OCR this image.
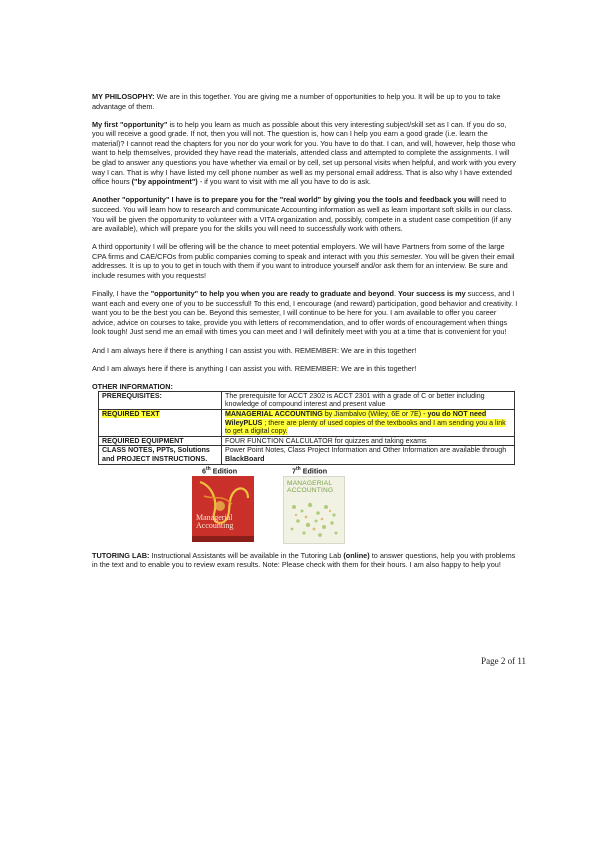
MY PHILOSOPHY: We are in this together. You are giving me a number of opportunities to help you. It will be up to you to take advantage of them.

My first "opportunity" is to help you learn as much as possible about this very interesting subject/skill set as I can. If you do so, you will receive a good grade. If not, then you will not. The question is, how can I help you earn a good grade (i.e. learn the material)? I cannot read the chapters for you nor do your work for you. You have to do that. I can, and will, however, help those who want to help themselves, provided they have read the materials, attended class and attempted to complete the assignments. I will be glad to answer any questions you have whether via email or by cell, set up personal visits when helpful, and work with you every way I can. That is why I have listed my cell phone number as well as my personal email address. That is also why I have extended office hours ("by appointment") - if you want to visit with me all you have to do is ask.

Another "opportunity" I have is to prepare you for the "real world" by giving you the tools and feedback you will need to succeed. You will learn how to research and communicate Accounting information as well as learn important soft skills in our class. You will be given the opportunity to volunteer with a VITA organization and, possibly, compete in a student case competition (if any are available), which will prepare you for the skills you will need to successfully work with others.

A third opportunity I will be offering will be the chance to meet potential employers. We will have Partners from some of the large CPA firms and CAE/CFOs from public companies coming to speak and interact with you this semester. You will be given their email addresses. It is up to you to get in touch with them if you want to introduce yourself and/or ask them for an interview. Be sure and include resumes with you requests!

Finally, I have the "opportunity" to help you when you are ready to graduate and beyond. Your success is my success, and I want each and every one of you to be successful! To this end, I encourage (and reward) participation, good behavior and creativity. I want you to be the best you can be. Beyond this semester, I will continue to be here for you. I am available to offer you career advice, advice on courses to take, provide you with letters of recommendation, and to offer words of encouragement when things look tough! Just send me an email with times you can meet and I will definitely meet with you at a time that is convenient for you!

And I am always here if there is anything I can assist you with. REMEMBER: We are in this together!

And I am always here if there is anything I can assist you with. REMEMBER: We are in this together!

OTHER INFORMATION:
PREREQUISITES:	The prerequisite for ACCT 2302 is ACCT 2301 with a grade of C or better including knowledge of compound interest and present value
REQUIRED TEXT	MANAGERIAL ACCOUNTING by Jiambalvo (Wiley, 6E or 7E) - you do NOT need WileyPLUS ; there are plenty of used copies of the textbooks and I am sending you a link to get a digital copy.
REQUIRED EQUIPMENT	FOUR FUNCTION CALCULATOR for quizzes and taking exams
CLASS NOTES, PPTs, Solutions and PROJECT INSTRUCTIONS.	Power Point Notes, Class Project Information and Other Information are available through BlackBoard
6th Edition	7th Edition
Managerial
Accounting
MANAGERIAL
ACCOUNTING

TUTORING LAB: Instructional Assistants will be available in the Tutoring Lab (online) to answer questions, help you with problems in the text and to enable you to review exam results. Note: Please check with them for their hours. I am also happy to help you!

Page 2 of 11
